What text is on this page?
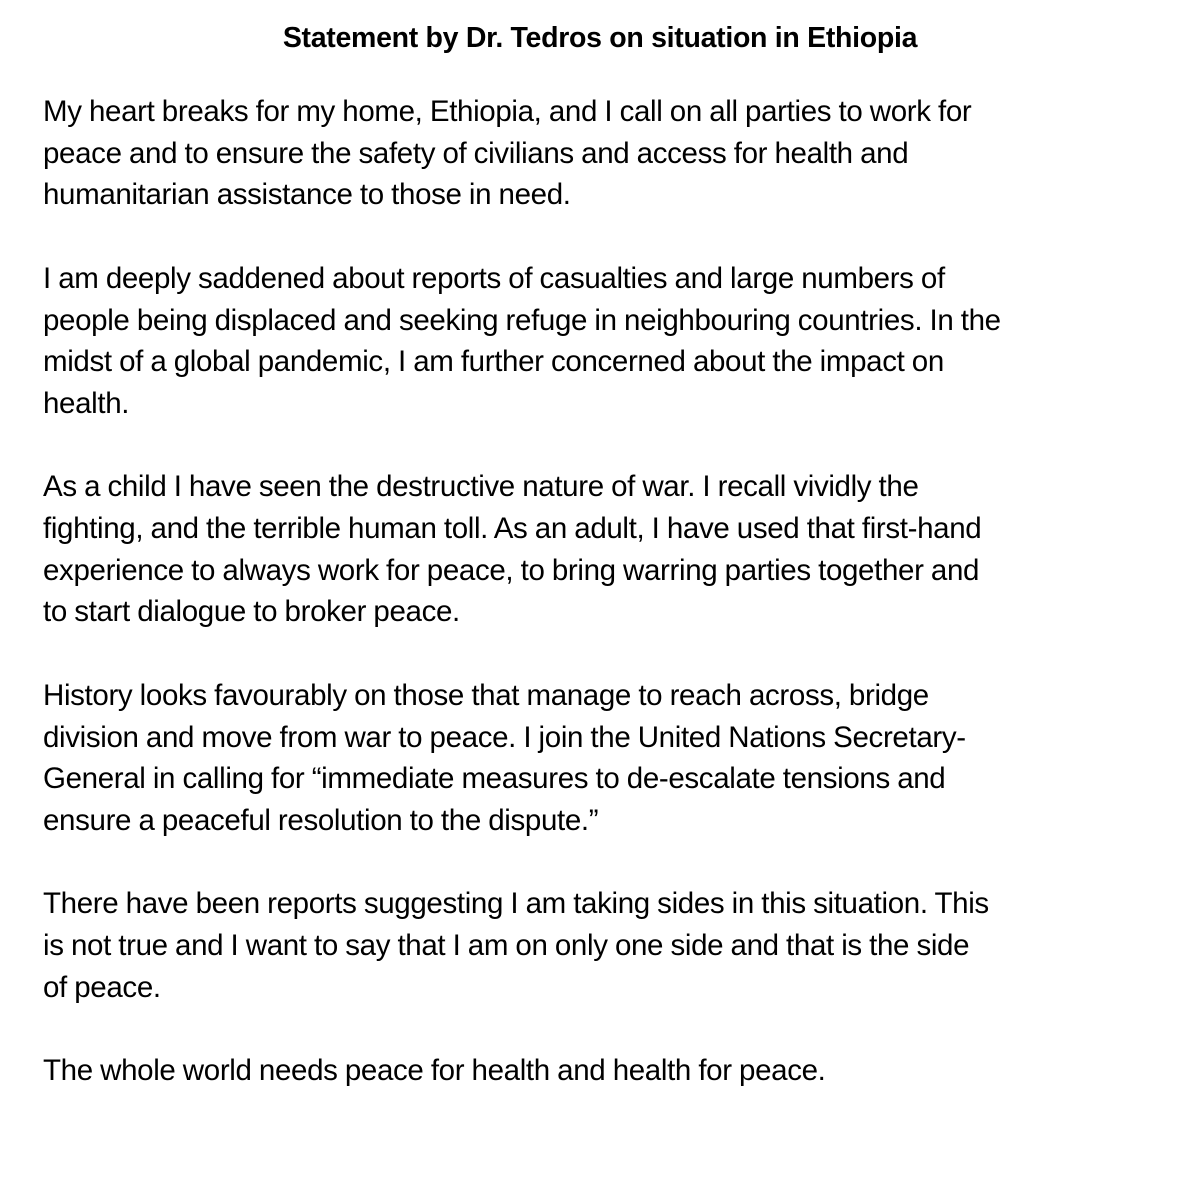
Statement by Dr. Tedros on situation in Ethiopia

My heart breaks for my home, Ethiopia, and I call on all parties to work for
peace and to ensure the safety of civilians and access for health and
humanitarian assistance to those in need.

I am deeply saddened about reports of casualties and large numbers of
people being displaced and seeking refuge in neighbouring countries. In the
midst of a global pandemic, I am further concerned about the impact on
health.

As a child I have seen the destructive nature of war. I recall vividly the
fighting, and the terrible human toll. As an adult, I have used that first-hand
experience to always work for peace, to bring warring parties together and
to start dialogue to broker peace.

History looks favourably on those that manage to reach across, bridge
division and move from war to peace. I join the United Nations Secretary-
General in calling for “immediate measures to de-escalate tensions and
ensure a peaceful resolution to the dispute.”

There have been reports suggesting I am taking sides in this situation. This
is not true and I want to say that I am on only one side and that is the side
of peace.

The whole world needs peace for health and health for peace.
